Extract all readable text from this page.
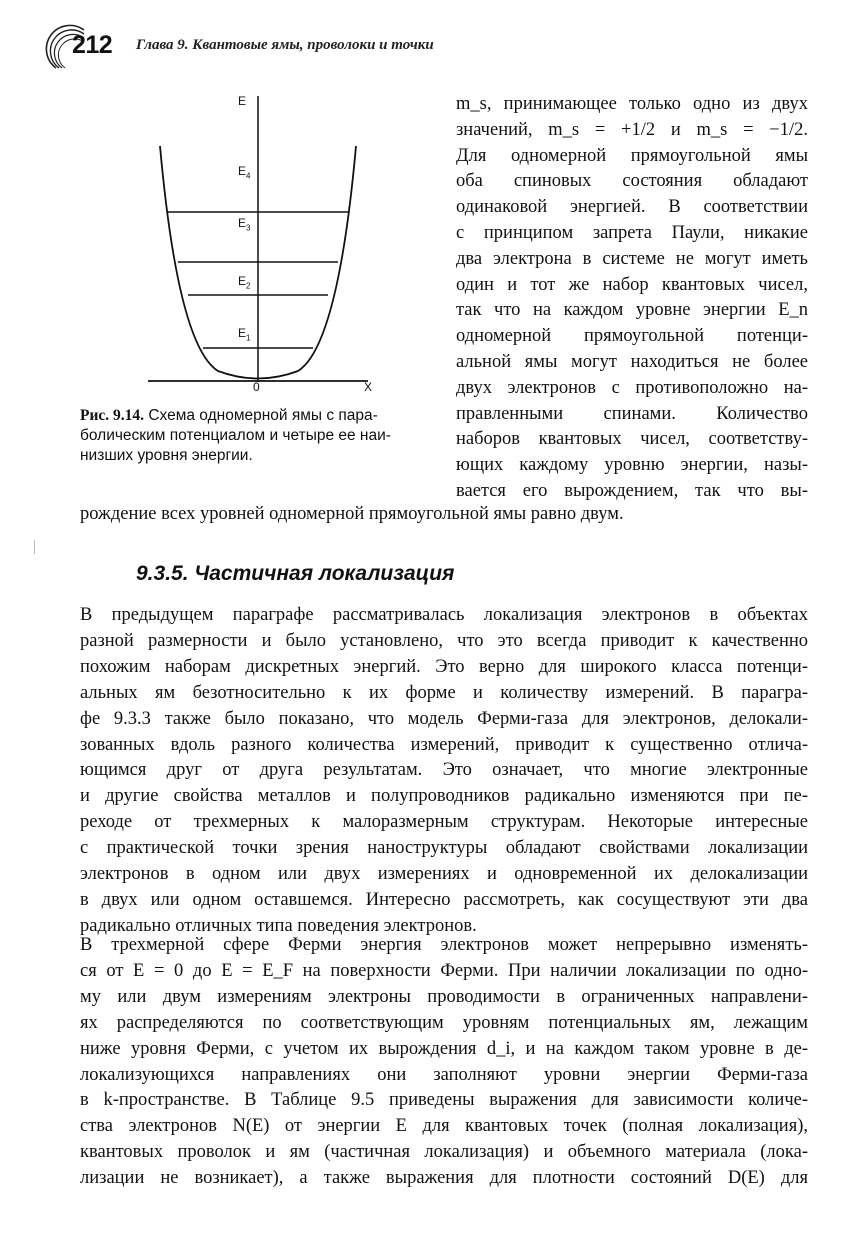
212 Глава 9. Квантовые ямы, проволоки и точки
E
$E_4$
$E_3$
$E_2$
$E_1$
0	X
Рис. 9.14. Схема одномерной ямы с пара-
болическим потенциалом и четыре ее наи-
низших уровня энергии.
m_s, принимающее только одно из двух
значений, m_s = +1/2 и m_s = −1/2.
Для одномерной прямоугольной ямы
оба спиновых состояния обладают
одинаковой энергией. В соответствии
с принципом запрета Паули, никакие
два электрона в системе не могут иметь
один и тот же набор квантовых чисел,
так что на каждом уровне энергии E_n
одномерной прямоугольной потенци-
альной ямы могут находиться не более
двух электронов с противоположно на-
правленными спинами. Количество
наборов квантовых чисел, соответству-
ющих каждому уровню энергии, назы-
вается его вырождением, так что вы-
рождение всех уровней одномерной прямоугольной ямы равно двум.
9.3.5. Частичная локализация
В предыдущем параграфе рассматривалась локализация электронов в объектах
разной размерности и было установлено, что это всегда приводит к качественно
похожим наборам дискретных энергий. Это верно для широкого класса потенци-
альных ям безотносительно к их форме и количеству измерений. В парагра-
фе 9.3.3 также было показано, что модель Ферми-газа для электронов, делокали-
зованных вдоль разного количества измерений, приводит к существенно отлича-
ющимся друг от друга результатам. Это означает, что многие электронные
и другие свойства металлов и полупроводников радикально изменяются при пе-
реходе от трехмерных к малоразмерным структурам. Некоторые интересные
с практической точки зрения наноструктуры обладают свойствами локализации
электронов в одном или двух измерениях и одновременной их делокализации
в двух или одном оставшемся. Интересно рассмотреть, как сосуществуют эти два
радикально отличных типа поведения электронов.
В трехмерной сфере Ферми энергия электронов может непрерывно изменять-
ся от E = 0 до E = E_F на поверхности Ферми. При наличии локализации по одно-
му или двум измерениям электроны проводимости в ограниченных направлени-
ях распределяются по соответствующим уровням потенциальных ям, лежащим
ниже уровня Ферми, с учетом их вырождения d_i, и на каждом таком уровне в де-
локализующихся направлениях они заполняют уровни энергии Ферми-газа
в k-пространстве. В Таблице 9.5 приведены выражения для зависимости количе-
ства электронов N(E) от энергии E для квантовых точек (полная локализация),
квантовых проволок и ям (частичная локализация) и объемного материала (лока-
лизации не возникает), а также выражения для плотности состояний D(E) для
